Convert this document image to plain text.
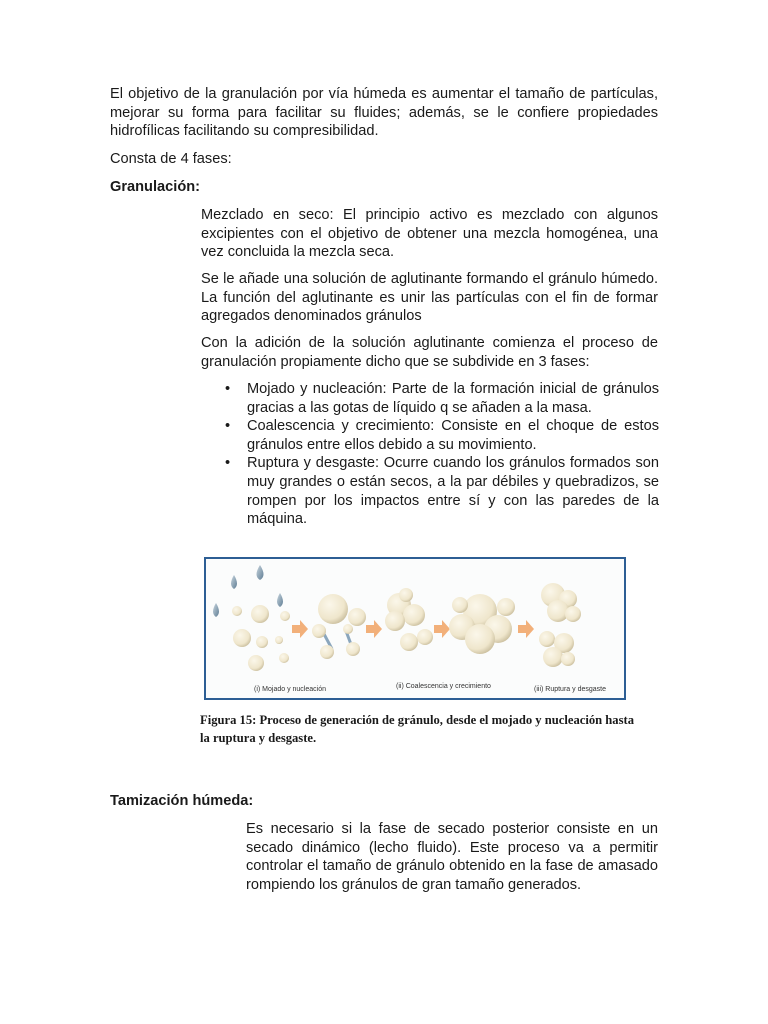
El objetivo de la granulación por vía húmeda es aumentar el tamaño de partículas, mejorar su forma para facilitar su fluides; además, se le confiere propiedades hidrofílicas facilitando su compresibilidad.

Consta de 4 fases:

Granulación:

Mezclado en seco: El principio activo es mezclado con algunos excipientes con el objetivo de obtener una mezcla homogénea, una vez concluida la mezcla seca.

Se le añade una solución de aglutinante formando el gránulo húmedo. La función del aglutinante es unir las partículas con el fin de formar agregados denominados gránulos

Con la adición de la solución aglutinante comienza el proceso de granulación propiamente dicho que se subdivide en 3 fases:

• Mojado y nucleación: Parte de la formación inicial de gránulos gracias a las gotas de líquido q se añaden a la masa.
• Coalescencia y crecimiento: Consiste en el choque de estos gránulos entre ellos debido a su movimiento.
• Ruptura y desgaste: Ocurre cuando los gránulos formados son muy grandes o están secos, a la par débiles y quebradizos, se rompen por los impactos entre sí y con las paredes de la máquina.
(i) Mojado y nucleación	(ii) Coalescencia y crecimiento	(iii) Ruptura y desgaste

Figura 15: Proceso de generación de gránulo, desde el mojado y nucleación hasta la ruptura y desgaste.

Tamización húmeda:

Es necesario si la fase de secado posterior consiste en un secado dinámico (lecho fluido). Este proceso va a permitir controlar el tamaño de gránulo obtenido en la fase de amasado rompiendo los gránulos de gran tamaño generados.
